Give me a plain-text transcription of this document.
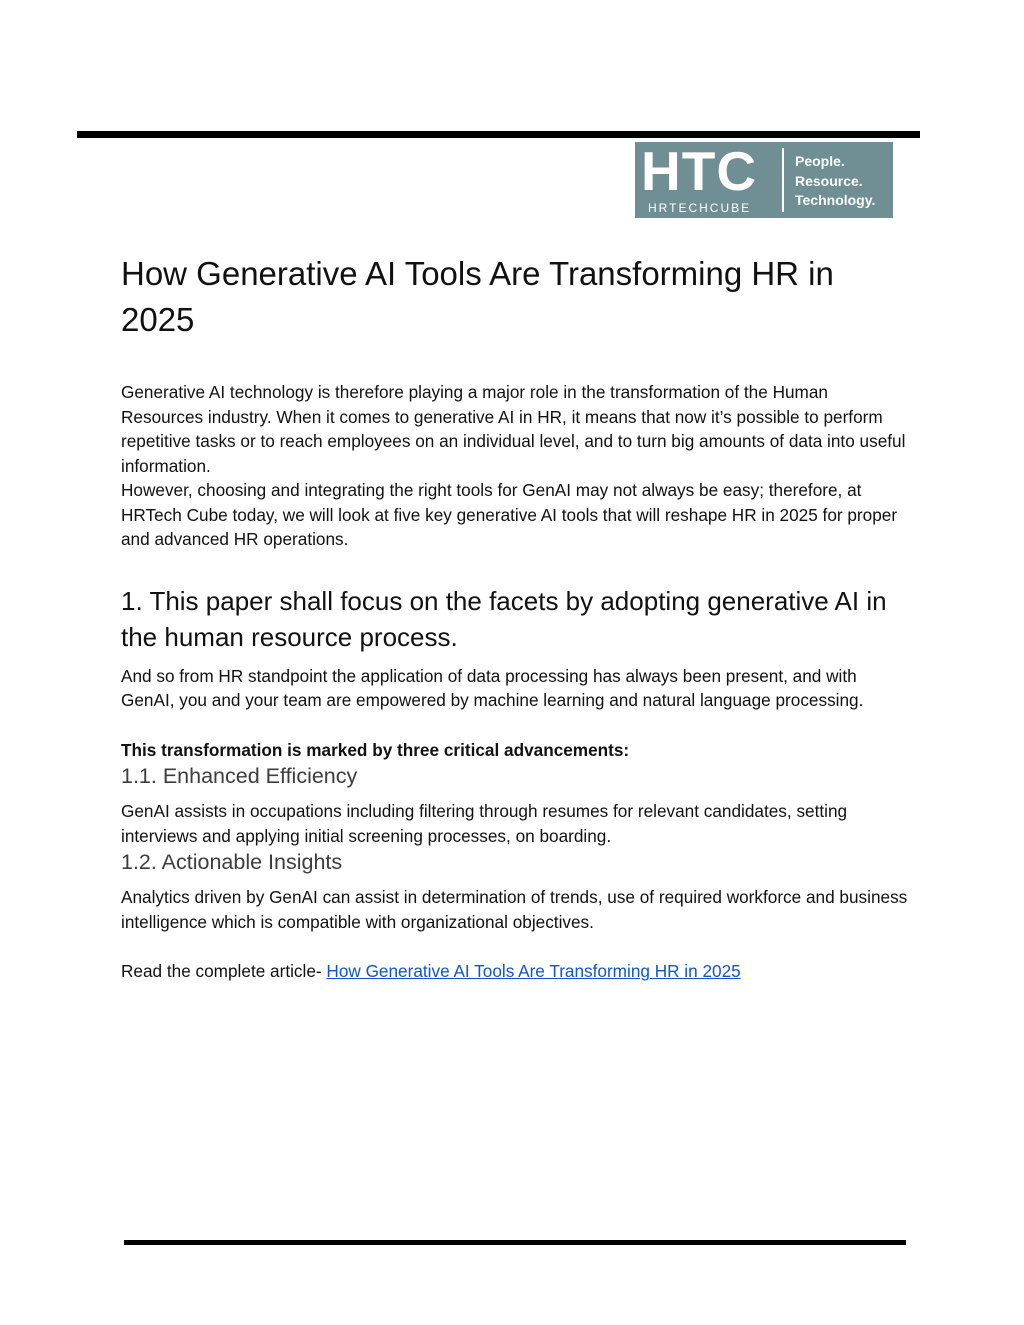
HTC
HRTECHCUBE
People.
Resource.
Technology.
How Generative AI Tools Are Transforming HR in 2025

Generative AI technology is therefore playing a major role in the transformation of the Human Resources industry. When it comes to generative AI in HR, it means that now it’s possible to perform repetitive tasks or to reach employees on an individual level, and to turn big amounts of data into useful information.

However, choosing and integrating the right tools for GenAI may not always be easy; therefore, at HRTech Cube today, we will look at five key generative AI tools that will reshape HR in 2025 for proper and advanced HR operations.

1. This paper shall focus on the facets by adopting generative AI in the human resource process.

And so from HR standpoint the application of data processing has always been present, and with GenAI, you and your team are empowered by machine learning and natural language processing.

This transformation is marked by three critical advancements:

1.1. Enhanced Efficiency

GenAI assists in occupations including filtering through resumes for relevant candidates, setting interviews and applying initial screening processes, on boarding.

1.2. Actionable Insights

Analytics driven by GenAI can assist in determination of trends, use of required workforce and business intelligence which is compatible with organizational objectives.

Read the complete article- How Generative AI Tools Are Transforming HR in 2025
